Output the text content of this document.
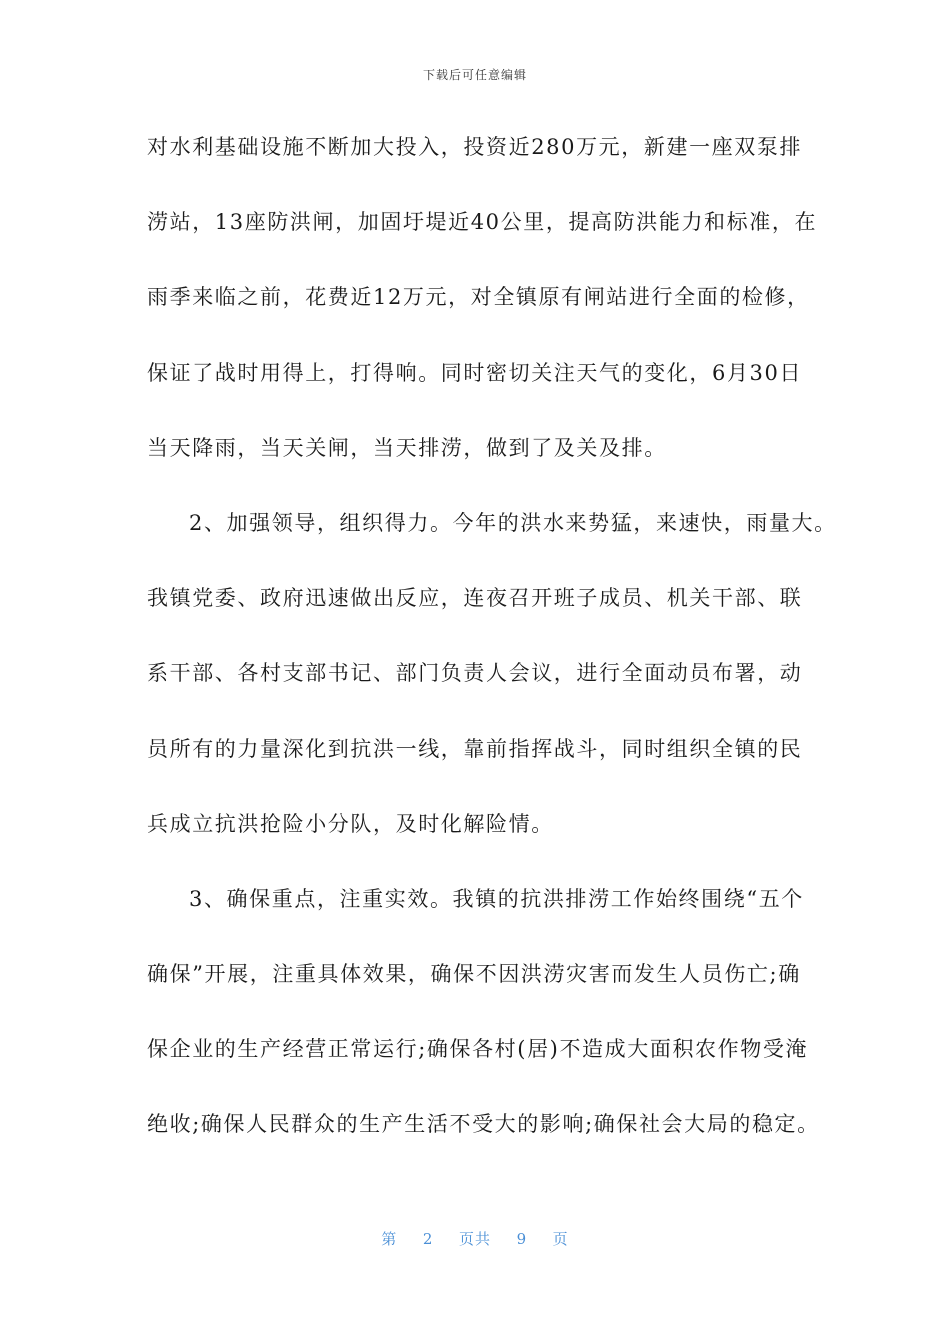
下载后可任意编辑
对水利基础设施不断加大投入，投资近280万元，新建一座双泵排
涝站，13座防洪闸，加固圩堤近40公里，提高防洪能力和标准，在
雨季来临之前，花费近12万元，对全镇原有闸站进行全面的检修，
保证了战时用得上，打得响。同时密切关注天气的变化，6月30日
当天降雨，当天关闸，当天排涝，做到了及关及排。
2、加强领导，组织得力。今年的洪水来势猛，来速快，雨量大。
我镇党委、政府迅速做出反应，连夜召开班子成员、机关干部、联
系干部、各村支部书记、部门负责人会议，进行全面动员布署，动
员所有的力量深化到抗洪一线，靠前指挥战斗，同时组织全镇的民
兵成立抗洪抢险小分队，及时化解险情。
3、确保重点，注重实效。我镇的抗洪排涝工作始终围绕“五个
确保”开展，注重具体效果，确保不因洪涝灾害而发生人员伤亡;确
保企业的生产经营正常运行;确保各村(居)不造成大面积农作物受淹
绝收;确保人民群众的生产生活不受大的影响;确保社会大局的稳定。
第 2 页共 9 页
